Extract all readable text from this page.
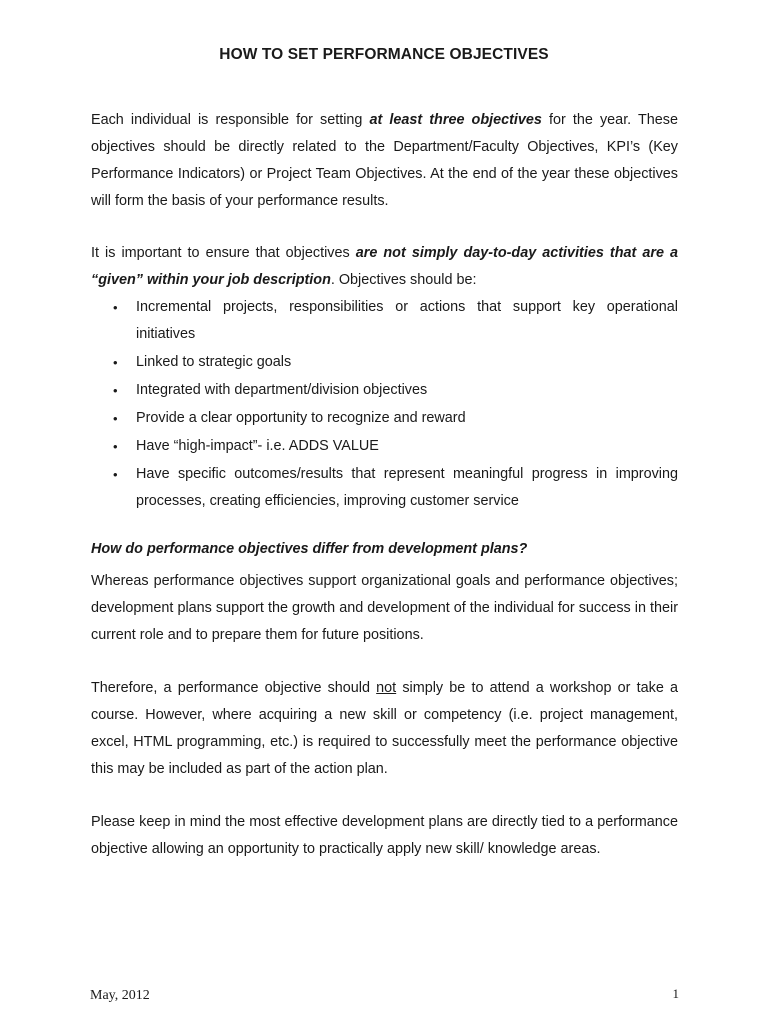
HOW TO SET PERFORMANCE OBJECTIVES

Each individual is responsible for setting at least three objectives for the year. These objectives should be directly related to the Department/Faculty Objectives, KPI’s (Key Performance Indicators) or Project Team Objectives. At the end of the year these objectives will form the basis of your performance results.

It is important to ensure that objectives are not simply day-to-day activities that are a “given” within your job description. Objectives should be:

• Incremental projects, responsibilities or actions that support key operational initiatives
• Linked to strategic goals
• Integrated with department/division objectives
• Provide a clear opportunity to recognize and reward
• Have “high-impact”- i.e. ADDS VALUE
• Have specific outcomes/results that represent meaningful progress in improving processes, creating efficiencies, improving customer service

How do performance objectives differ from development plans?

Whereas performance objectives support organizational goals and performance objectives; development plans support the growth and development of the individual for success in their current role and to prepare them for future positions.

Therefore, a performance objective should not simply be to attend a workshop or take a course. However, where acquiring a new skill or competency (i.e. project management, excel, HTML programming, etc.) is required to successfully meet the performance objective this may be included as part of the action plan.

Please keep in mind the most effective development plans are directly tied to a performance objective allowing an opportunity to practically apply new skill/ knowledge areas.

May, 2012	1
